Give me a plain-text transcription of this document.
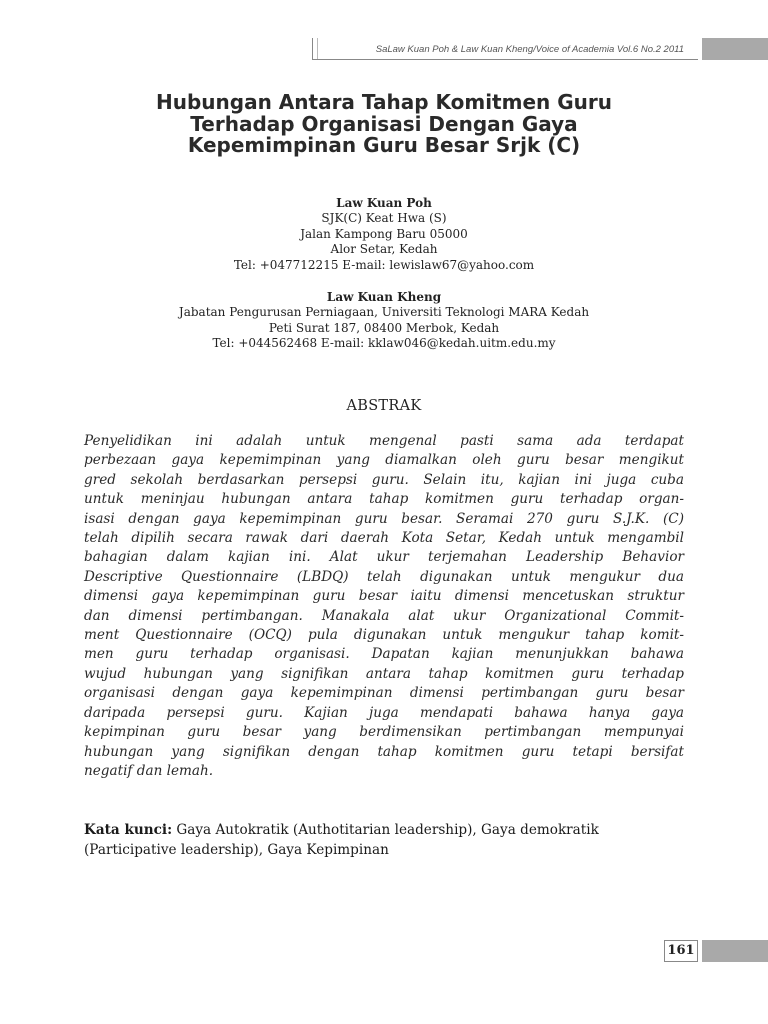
SaLaw Kuan Poh & Law Kuan Kheng/Voice of Academia Vol.6 No.2 2011
Hubungan Antara Tahap Komitmen Guru
Terhadap Organisasi Dengan Gaya
Kepemimpinan Guru Besar Srjk (C)
Law Kuan Poh
SJK(C) Keat Hwa (S)
Jalan Kampong Baru 05000
Alor Setar, Kedah
Tel: +047712215 E-mail: lewislaw67@yahoo.com
Law Kuan Kheng
Jabatan Pengurusan Perniagaan, Universiti Teknologi MARA Kedah
Peti Surat 187, 08400 Merbok, Kedah
Tel: +044562468 E-mail: kklaw046@kedah.uitm.edu.my
ABSTRAK
Penyelidikan ini adalah untuk mengenal pasti sama ada terdapat
perbezaan gaya kepemimpinan yang diamalkan oleh guru besar mengikut
gred sekolah berdasarkan persepsi guru. Selain itu, kajian ini juga cuba
untuk meninjau hubungan antara tahap komitmen guru terhadap organ-
isasi dengan gaya kepemimpinan guru besar. Seramai 270 guru S.J.K. (C)
telah dipilih secara rawak dari daerah Kota Setar, Kedah untuk mengambil
bahagian dalam kajian ini. Alat ukur terjemahan Leadership Behavior
Descriptive Questionnaire (LBDQ) telah digunakan untuk mengukur dua
dimensi gaya kepemimpinan guru besar iaitu dimensi mencetuskan struktur
dan dimensi pertimbangan. Manakala alat ukur Organizational Commit-
ment Questionnaire (OCQ) pula digunakan untuk mengukur tahap komit-
men guru terhadap organisasi. Dapatan kajian menunjukkan bahawa
wujud hubungan yang signifikan antara tahap komitmen guru terhadap
organisasi dengan gaya kepemimpinan dimensi pertimbangan guru besar
daripada persepsi guru. Kajian juga mendapati bahawa hanya gaya
kepimpinan guru besar yang berdimensikan pertimbangan mempunyai
hubungan yang signifikan dengan tahap komitmen guru tetapi bersifat
negatif dan lemah.
Kata kunci: Gaya Autokratik (Authotitarian leadership), Gaya demokratik (Participative leadership), Gaya Kepimpinan
161
